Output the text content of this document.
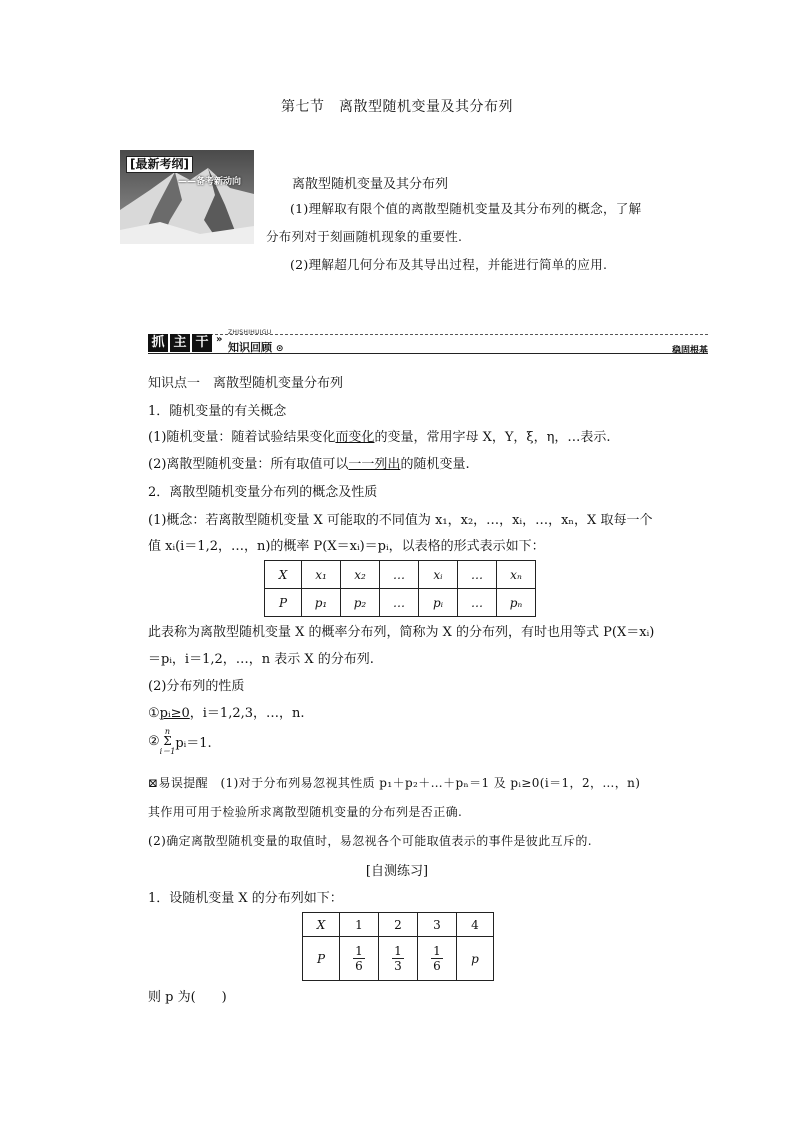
第七节　离散型随机变量及其分布列
[最新考纲]
——备考新动向	离散型随机变量及其分布列
(1)理解取有限个值的离散型随机变量及其分布列的概念，了解
分布列对于刻画随机现象的重要性.
(2)理解超几何分布及其导出过程，并能进行简单的应用.
抓 主 干 »
ZHISHIHUIGU
知识回顾 ⊙	稳固根基
知识点一　离散型随机变量分布列
1．随机变量的有关概念
(1)随机变量：随着试验结果变化而变化的变量，常用字母 X，Y，ξ，η，…表示.
(2)离散型随机变量：所有取值可以一一列出的随机变量.
2．离散型随机变量分布列的概念及性质
(1)概念：若离散型随机变量 X 可能取的不同值为 x₁，x₂，…，xᵢ，…，xₙ，X 取每一个
值 xᵢ(i＝1,2，…，n)的概率 P(X＝xᵢ)＝pᵢ，以表格的形式表示如下：
X	x₁	x₂	…	xᵢ	…	xₙ
P	p₁	p₂	…	pᵢ	…	pₙ
此表称为离散型随机变量 X 的概率分布列，简称为 X 的分布列，有时也用等式 P(X＝xᵢ)
＝pᵢ，i＝1,2，…，n 表示 X 的分布列.
(2)分布列的性质
①pᵢ≥0，i＝1,2,3，…，n.
②
n
Σ
i＝1
pᵢ＝1.
⊠易误提醒　(1)对于分布列易忽视其性质 p₁＋p₂＋…＋pₙ＝1 及 pᵢ≥0(i＝1，2，…，n)
其作用可用于检验所求离散型随机变量的分布列是否正确.
(2)确定离散型随机变量的取值时，易忽视各个可能取值表示的事件是彼此互斥的.
[自测练习]
1．设随机变量 X 的分布列如下：
X	1	2	3	4
P	$\frac{1}{6}$	$\frac{1}{3}$	$\frac{1}{6}$	p
则 p 为(　　)
